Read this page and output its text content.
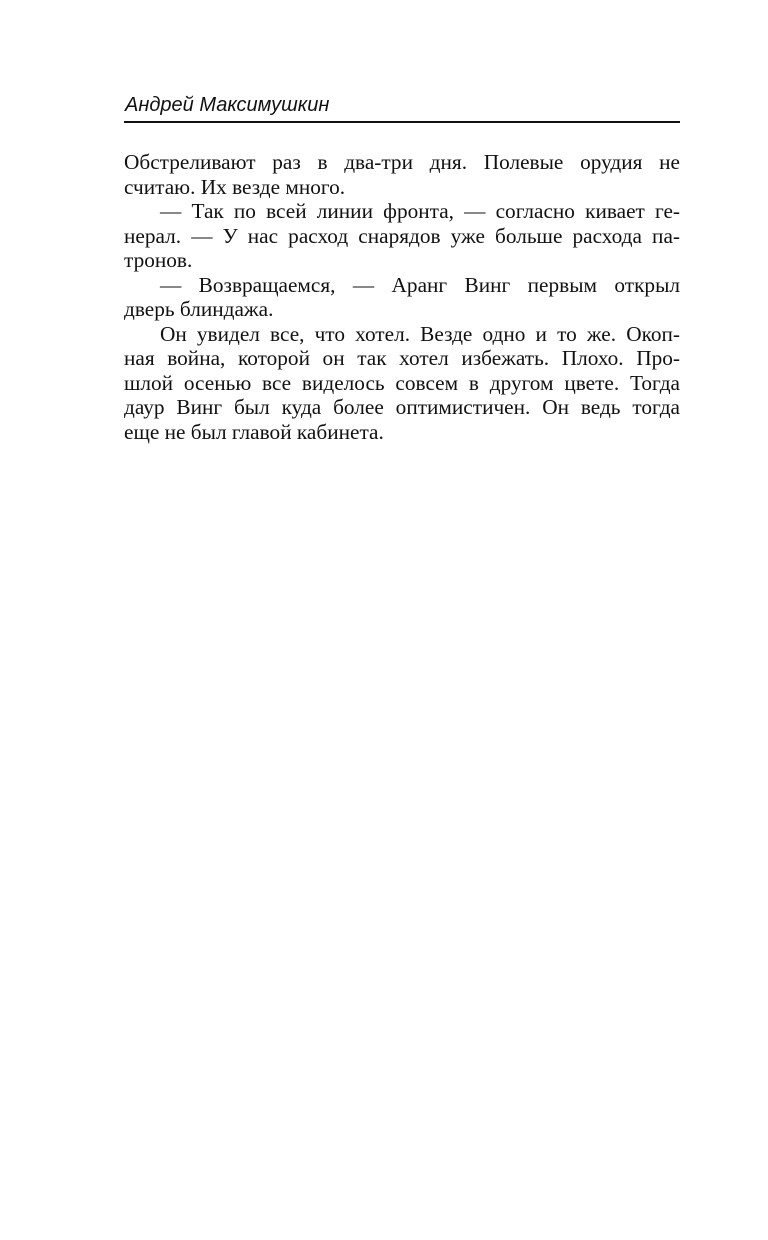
Андрей Максимушкин
Обстреливают раз в два-три дня. Полевые орудия не
считаю. Их везде много.
— Так по всей линии фронта, — согласно кивает ге-
нерал. — У нас расход снарядов уже больше расхода па-
тронов.
— Возвращаемся, — Аранг Винг первым открыл
дверь блиндажа.
Он увидел все, что хотел. Везде одно и то же. Окоп-
ная война, которой он так хотел избежать. Плохо. Про-
шлой осенью все виделось совсем в другом цвете. Тогда
даур Винг был куда более оптимистичен. Он ведь тогда
еще не был главой кабинета.
